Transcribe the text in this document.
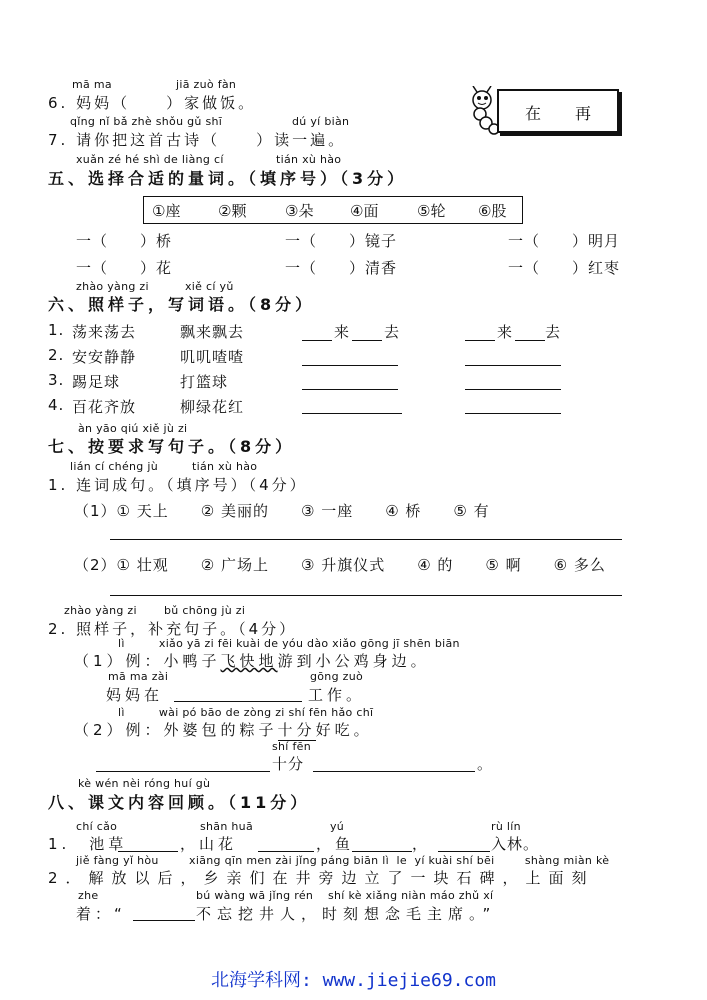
mā ma	jiā zuò fàn
6. 妈妈（　　）家做饭。
qǐng nǐ bǎ zhè shǒu gǔ shī	dú yí biàn
7. 请你把这首古诗（　　）读一遍。
在 再
xuǎn zé hé shì de liàng cí	tián xù hào
五、选择合适的量词。（填序号）（3分）
①座	②颗	③朵 ④面	⑤轮 ⑥股
一（　　）桥	一（　　）镜子	一（　　）明月
一（　　）花	一（　　）清香	一（　　）红枣
zhào yàng zi	xiě cí yǔ
六、照样子，写词语。（8分）
1. 荡来荡去	飘来飘去	来 去	来 去
2. 安安静静	叽叽喳喳
3. 踢足球	打篮球
4. 百花齐放	柳绿花红
àn yāo qiú xiě jù zi
七、按要求写句子。（8分）
lián cí chéng jù	tián xù hào
1. 连词成句。（填序号）（4分）
（1）① 天上　　② 美丽的　　③ 一座　　④ 桥　　⑤ 有
（2）① 壮观　　② 广场上　　③ 升旗仪式　　④ 的　　⑤ 啊　　⑥ 多么
zhào yàng zi bǔ chōng jù zi
2. 照样子，补充句子。（4分）
lì         xiǎo yā zi fēi kuài de yóu dào xiǎo gōng jī shēn biān
（1）例：小鸭子飞快地游到小公鸡身边。
mā ma zài	gōng zuò
妈妈在	工作。
lì         wài pó bāo de zòng zi shí fēn hǎo chī
（2）例：外婆包的粽子十分好吃。
shí fēn
十分	。
kè wén nèi róng huí gù
八、课文内容回顾。（11分）
chí cǎo	shān huā	yú	rù lín
1.　池草	，山花	，鱼	，	入林。
jiě fàng yǐ hòu        xiāng qīn men zài jǐng páng biān lì  le  yí kuài shí bēi        shàng miàn kè
2．解放以后，乡亲们在井旁边立了一块石碑，上面刻
zhe	bú wàng wā jǐng rén shí kè xiǎng niàn máo zhǔ xí
着：“	不忘挖井人，时刻想念毛主席。”
北海学科网: www.jiejie69.com
